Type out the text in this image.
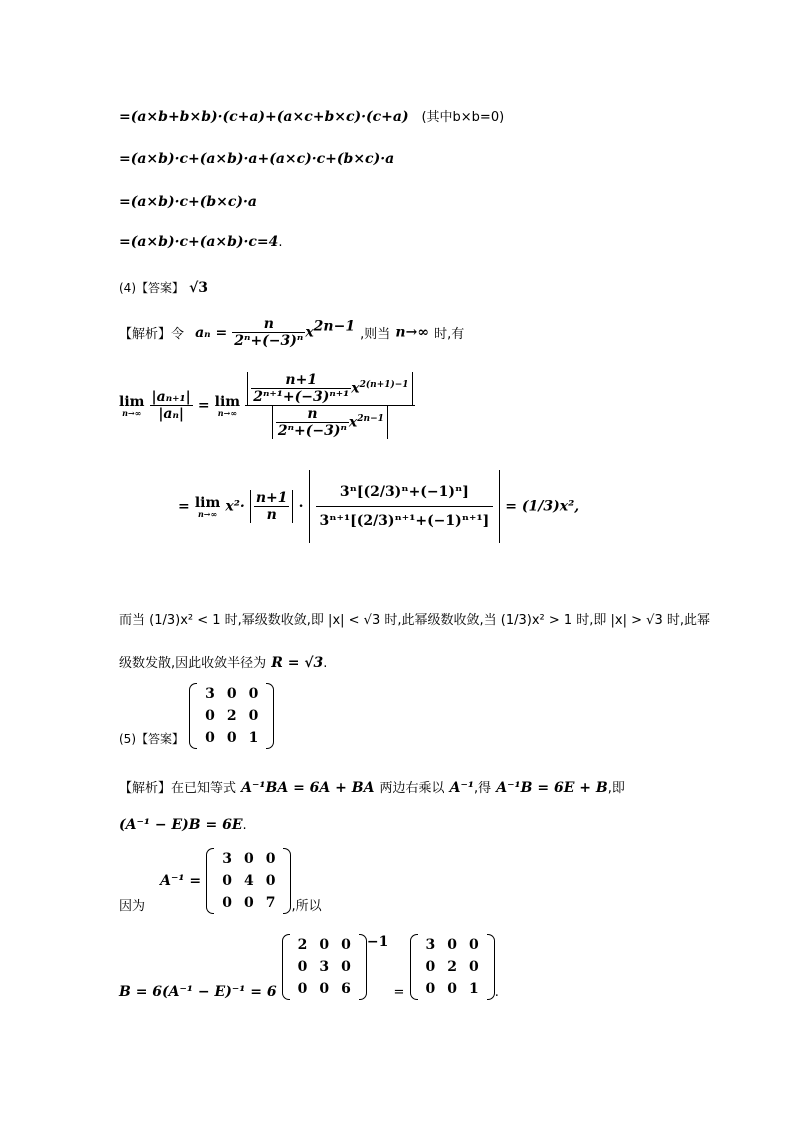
=(a×b+b×b)·(c+a)+(a×c+b×c)·(c+a) (其中b×b=0)
=(a×b)·c+(a×b)·a+(a×c)·c+(b×c)·a
=(a×b)·c+(b×c)·a
=(a×b)·c+(a×b)·c=4.
(4)【答案】 √3
【解析】令 $a_n = \frac{n}{\text{2ⁿ+(−3)ⁿ}} x^{2n-1}$ ,则当 n→∞ 时,有
lim
n→∞
$\frac{\text{|aₙ₊₁|}}{\text{|aₙ|}} = \lim$
n→∞
$\frac{\frac{n+1}{\text{2ⁿ⁺¹+(−3)ⁿ⁺¹}} x^{2(n+1)-1}}{\frac{n}{\text{2ⁿ+(−3)ⁿ}} x^{2n-1}}$
= lim
n→∞ $x^2\cdot \frac{n+1}{n} \cdot \frac{\text{3ⁿ[(2/3)ⁿ+(−1)ⁿ]}}{\text{3ⁿ⁺¹[(2/3)ⁿ⁺¹+(−1)ⁿ⁺¹]}} = (1/3)x^2$,
而当 (1/3)x² < 1 时,幂级数收敛,即 |x| < √3 时,此幂级数收敛,当 (1/3)x² > 1 时,即 |x| > √3 时,此幂
级数发散,因此收敛半径为 R = √3.
(5)【答案】
3	0	0
0	2	0
0	0	1
【解析】在已知等式 A⁻¹BA = 6A + BA 两边右乘以 A⁻¹,得 A⁻¹B = 6E + B,即
(A⁻¹ − E)B = 6E.
因为 A⁻¹ =
3	0	0
0	4	0
0	0	7 ,所以
B = 6(A⁻¹ − E)⁻¹ = 6
2	0	0
0	3	0
0	0	6
$^{-1}$ =
3	0	0
0	2	0
0	0	1 .
